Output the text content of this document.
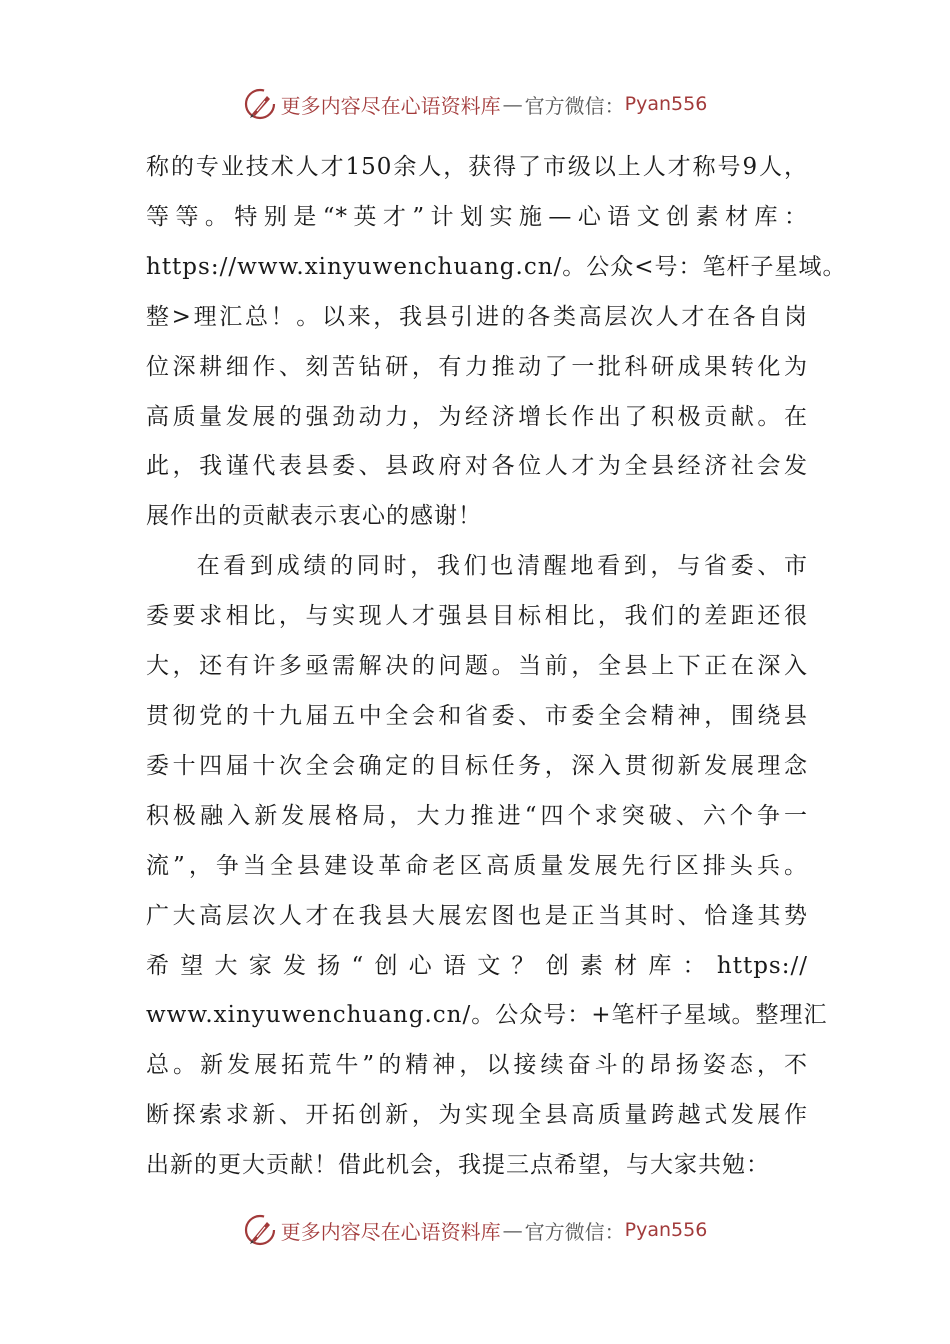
更多内容尽在心语资料库 — 官方微信： Pyan556

称的专业技术人才150余人，获得了市级以上人才称号9人，
等等。特别是“*英才”计划实施—心语文创素材库：
https://www.xinyuwenchuang.cn/。公众<号：笔杆子星域。
整>理汇总！。以来，我县引进的各类高层次人才在各自岗
位深耕细作、刻苦钻研，有力推动了一批科研成果转化为
高质量发展的强劲动力，为经济增长作出了积极贡献。在
此，我谨代表县委、县政府对各位人才为全县经济社会发
展作出的贡献表示衷心的感谢！

在看到成绩的同时，我们也清醒地看到，与省委、市
委要求相比，与实现人才强县目标相比，我们的差距还很
大，还有许多亟需解决的问题。当前，全县上下正在深入
贯彻党的十九届五中全会和省委、市委全会精神，围绕县
委十四届十次全会确定的目标任务，深入贯彻新发展理念
积极融入新发展格局，大力推进“四个求突破、六个争一
流”，争当全县建设革命老区高质量发展先行区排头兵。
广大高层次人才在我县大展宏图也是正当其时、恰逢其势
希望大家发扬“创心语文？创素材库：https://
www.xinyuwenchuang.cn/。公众号：+笔杆子星域。整理汇
总。新发展拓荒牛”的精神，以接续奋斗的昂扬姿态，不
断探索求新、开拓创新，为实现全县高质量跨越式发展作
出新的更大贡献！借此机会，我提三点希望，与大家共勉：

更多内容尽在心语资料库 — 官方微信： Pyan556
